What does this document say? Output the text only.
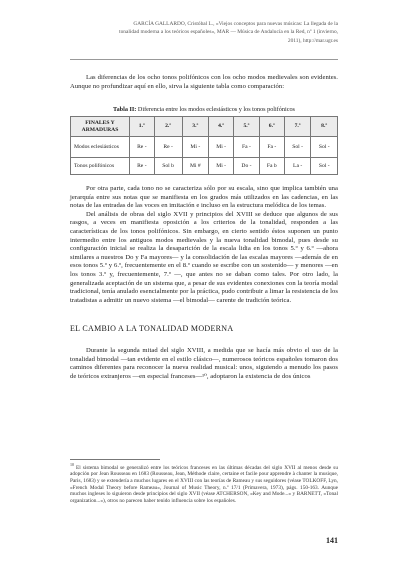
GARCÍA GALLARDO, Cristóbal L., «Viejos conceptos para nuevas músicas: La llegada de la
tonalidad moderna a los teóricos españoles», MAR — Música de Andalucía en la Red, nº 1 (invierno,
2011), http://mar.ugr.es

Las diferencias de los ocho tonos polifónicos con los ocho modos medievales son evidentes. Aunque no profundizar aquí en ello, sirva la siguiente tabla como comparación:

Tabla II: Diferencia entre los modos eclesiásticos y los tonos polifónicos
FINALES Y ARMADURAS	1.º	2.º	3.º	4.º	5.º	6.º	7.º	8.º
Modos eclesiásticos	Re -	Re -	Mi -	Mi -	Fa -	Fa -	Sol -	Sol -
Tonos polifónicos	Re -	Sol b	Mi #	Mi -	Do -	Fa b	La -	Sol -

Por otra parte, cada tono no se caracteriza sólo por su escala, sino que implica también una jerarquía entre sus notas que se manifiesta en los grados más utilizados en las cadencias, en las notas de las entradas de las voces en imitación e incluso en la estructura melódica de los temas.

Del análisis de obras del siglo XVII y principios del XVIII se deduce que algunos de sus rasgos, a veces en manifiesta oposición a los criterios de la tonalidad, responden a las características de los tonos polifónicos. Sin embargo, en cierto sentido éstos suponen un punto intermedio entre los antiguos modos medievales y la nueva tonalidad bimodal, pues desde su configuración inicial se realiza la desaparición de la escala lidia en los tonos 5.º y 6.º —ahora similares a nuestros Do y Fa mayores— y la consolidación de las escalas mayores —además de en esos tonos 5.º y 6.º, frecuentemente en el 8.º cuando se escribe con un sostenido— y menores —en los tonos 3.º y, frecuentemente, 7.º —, que antes no se daban como tales. Por otro lado, la generalizada aceptación de un sistema que, a pesar de sus evidentes conexiones con la teoría modal tradicional, tenía anulado esencialmente por la práctica, pudo contribuir a limar la resistencia de los tratadistas a admitir un nuevo sistema —el bimodal— carente de tradición teórica.

EL CAMBIO A LA TONALIDAD MODERNA

Durante la segunda mitad del siglo XVIII, a medida que se hacía más obvio el uso de la tonalidad bimodal —tan evidente en el estilo clásico—, numerosos teóricos españoles tomaron dos caminos diferentes para reconocer la nueva realidad musical: unos, siguiendo a menudo los pasos de teóricos extranjeros —en especial franceses—¹⁰, adoptaron la existencia de dos únicos

$^{10}$ El sistema bimodal se generalizó entre los teóricos franceses en las últimas décadas del siglo XVII al menos desde su adopción por Jean Rousseau en 1683 (Rousseau, Jean, Méthode claire, certaine et facile pour apprendre à chanter la musique, Paris, 1683) y se extendería a muchos lugares en el XVIII con las teorías de Rameau y sus seguidores (véase TOLKOFF, Lyn, «French Modal Theory before Rameau», Journal of Music Theory, n.º 17/1 (Primavera, 1973), págs. 150-163. Aunque muchos ingleses lo siguieron desde principios del siglo XVII (véase ATCHERSON, «Key and Mode...» y BARNETT, «Tonal organization...»), otros no parecen haber tenido influencia sobre los españoles.
141
